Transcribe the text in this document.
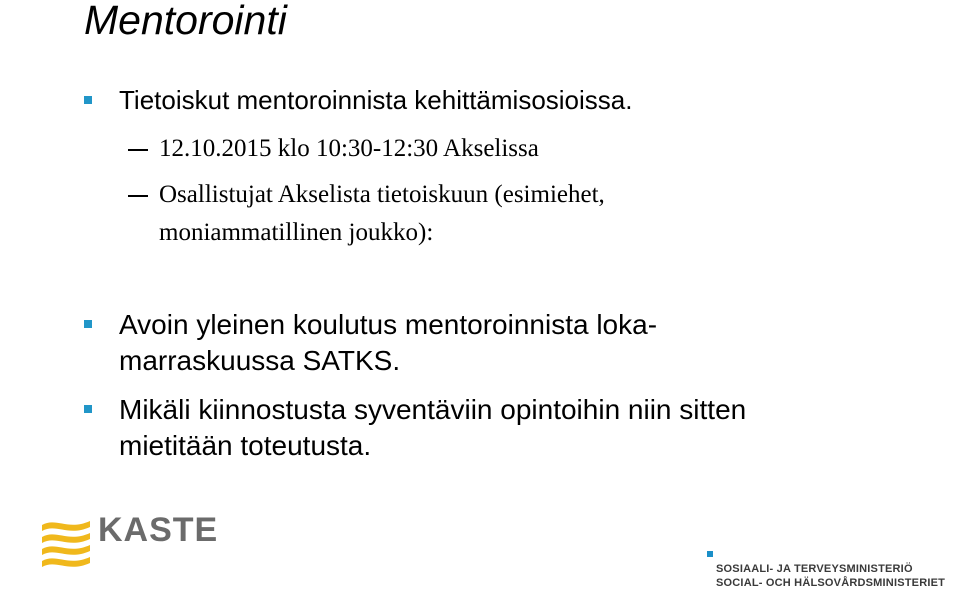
Mentorointi
Tietoiskut mentoroinnista kehittämisosioissa.
12.10.2015 klo 10:30-12:30 Akselissa
Osallistujat Akselista tietoiskuun (esimiehet,
moniammatillinen joukko):
Avoin yleinen koulutus mentoroinnista loka-
marraskuussa SATKS.
Mikäli kiinnostusta syventäviin opintoihin niin sitten
mietitään toteutusta.
KASTE
SOSIAALI- JA TERVEYSMINISTERIÖ
SOCIAL- OCH HÄLSOVÅRDSMINISTERIET
